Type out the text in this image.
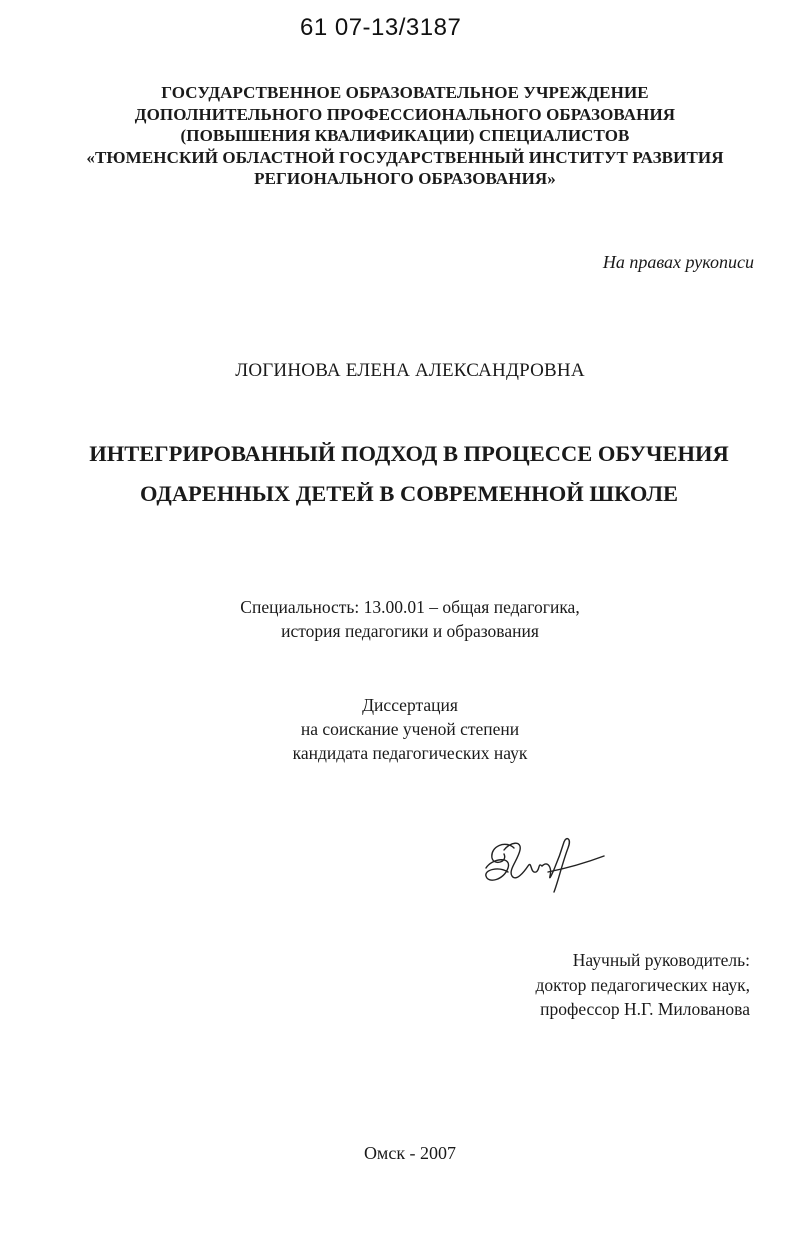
61 07-13/3187
ГОСУДАРСТВЕННОЕ ОБРАЗОВАТЕЛЬНОЕ УЧРЕЖДЕНИЕ
ДОПОЛНИТЕЛЬНОГО ПРОФЕССИОНАЛЬНОГО ОБРАЗОВАНИЯ
(ПОВЫШЕНИЯ КВАЛИФИКАЦИИ) СПЕЦИАЛИСТОВ
«ТЮМЕНСКИЙ ОБЛАСТНОЙ ГОСУДАРСТВЕННЫЙ ИНСТИТУТ РАЗВИТИЯ
РЕГИОНАЛЬНОГО ОБРАЗОВАНИЯ»
На правах рукописи
ЛОГИНОВА ЕЛЕНА АЛЕКСАНДРОВНА
ИНТЕГРИРОВАННЫЙ ПОДХОД В ПРОЦЕССЕ ОБУЧЕНИЯ
ОДАРЕННЫХ ДЕТЕЙ В СОВРЕМЕННОЙ ШКОЛЕ
Специальность: 13.00.01 – общая педагогика,
история педагогики и образования
Диссертация
на соискание ученой степени
кандидата педагогических наук
Научный руководитель:
доктор педагогических наук,
профессор Н.Г. Милованова
Омск - 2007
